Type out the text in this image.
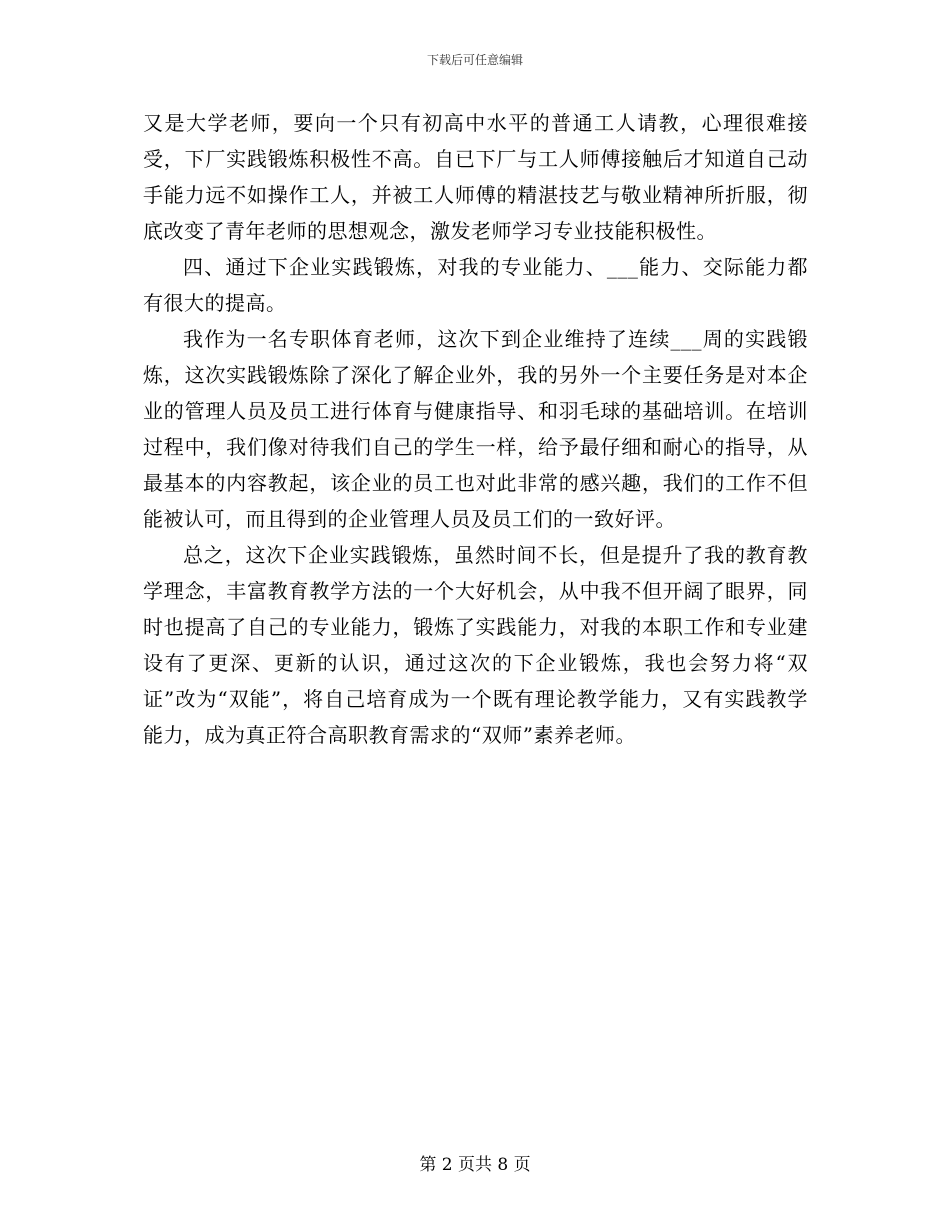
下载后可任意编辑

又是大学老师，要向一个只有初高中水平的普通工人请教，心理很难接受，下厂实践锻炼积极性不高。自已下厂与工人师傅接触后才知道自己动手能力远不如操作工人，并被工人师傅的精湛技艺与敬业精神所折服，彻底改变了青年老师的思想观念，激发老师学习专业技能积极性。

四、通过下企业实践锻炼，对我的专业能力、___能力、交际能力都有很大的提高。

我作为一名专职体育老师，这次下到企业维持了连续___周的实践锻炼，这次实践锻炼除了深化了解企业外，我的另外一个主要任务是对本企业的管理人员及员工进行体育与健康指导、和羽毛球的基础培训。在培训过程中，我们像对待我们自己的学生一样，给予最仔细和耐心的指导，从最基本的内容教起，该企业的员工也对此非常的感兴趣，我们的工作不但能被认可，而且得到的企业管理人员及员工们的一致好评。

总之，这次下企业实践锻炼，虽然时间不长，但是提升了我的教育教学理念，丰富教育教学方法的一个大好机会，从中我不但开阔了眼界，同时也提高了自己的专业能力，锻炼了实践能力，对我的本职工作和专业建设有了更深、更新的认识，通过这次的下企业锻炼，我也会努力将“双证”改为“双能”，将自己培育成为一个既有理论教学能力，又有实践教学能力，成为真正符合高职教育需求的“双师”素养老师。

第 2 页共 8 页
